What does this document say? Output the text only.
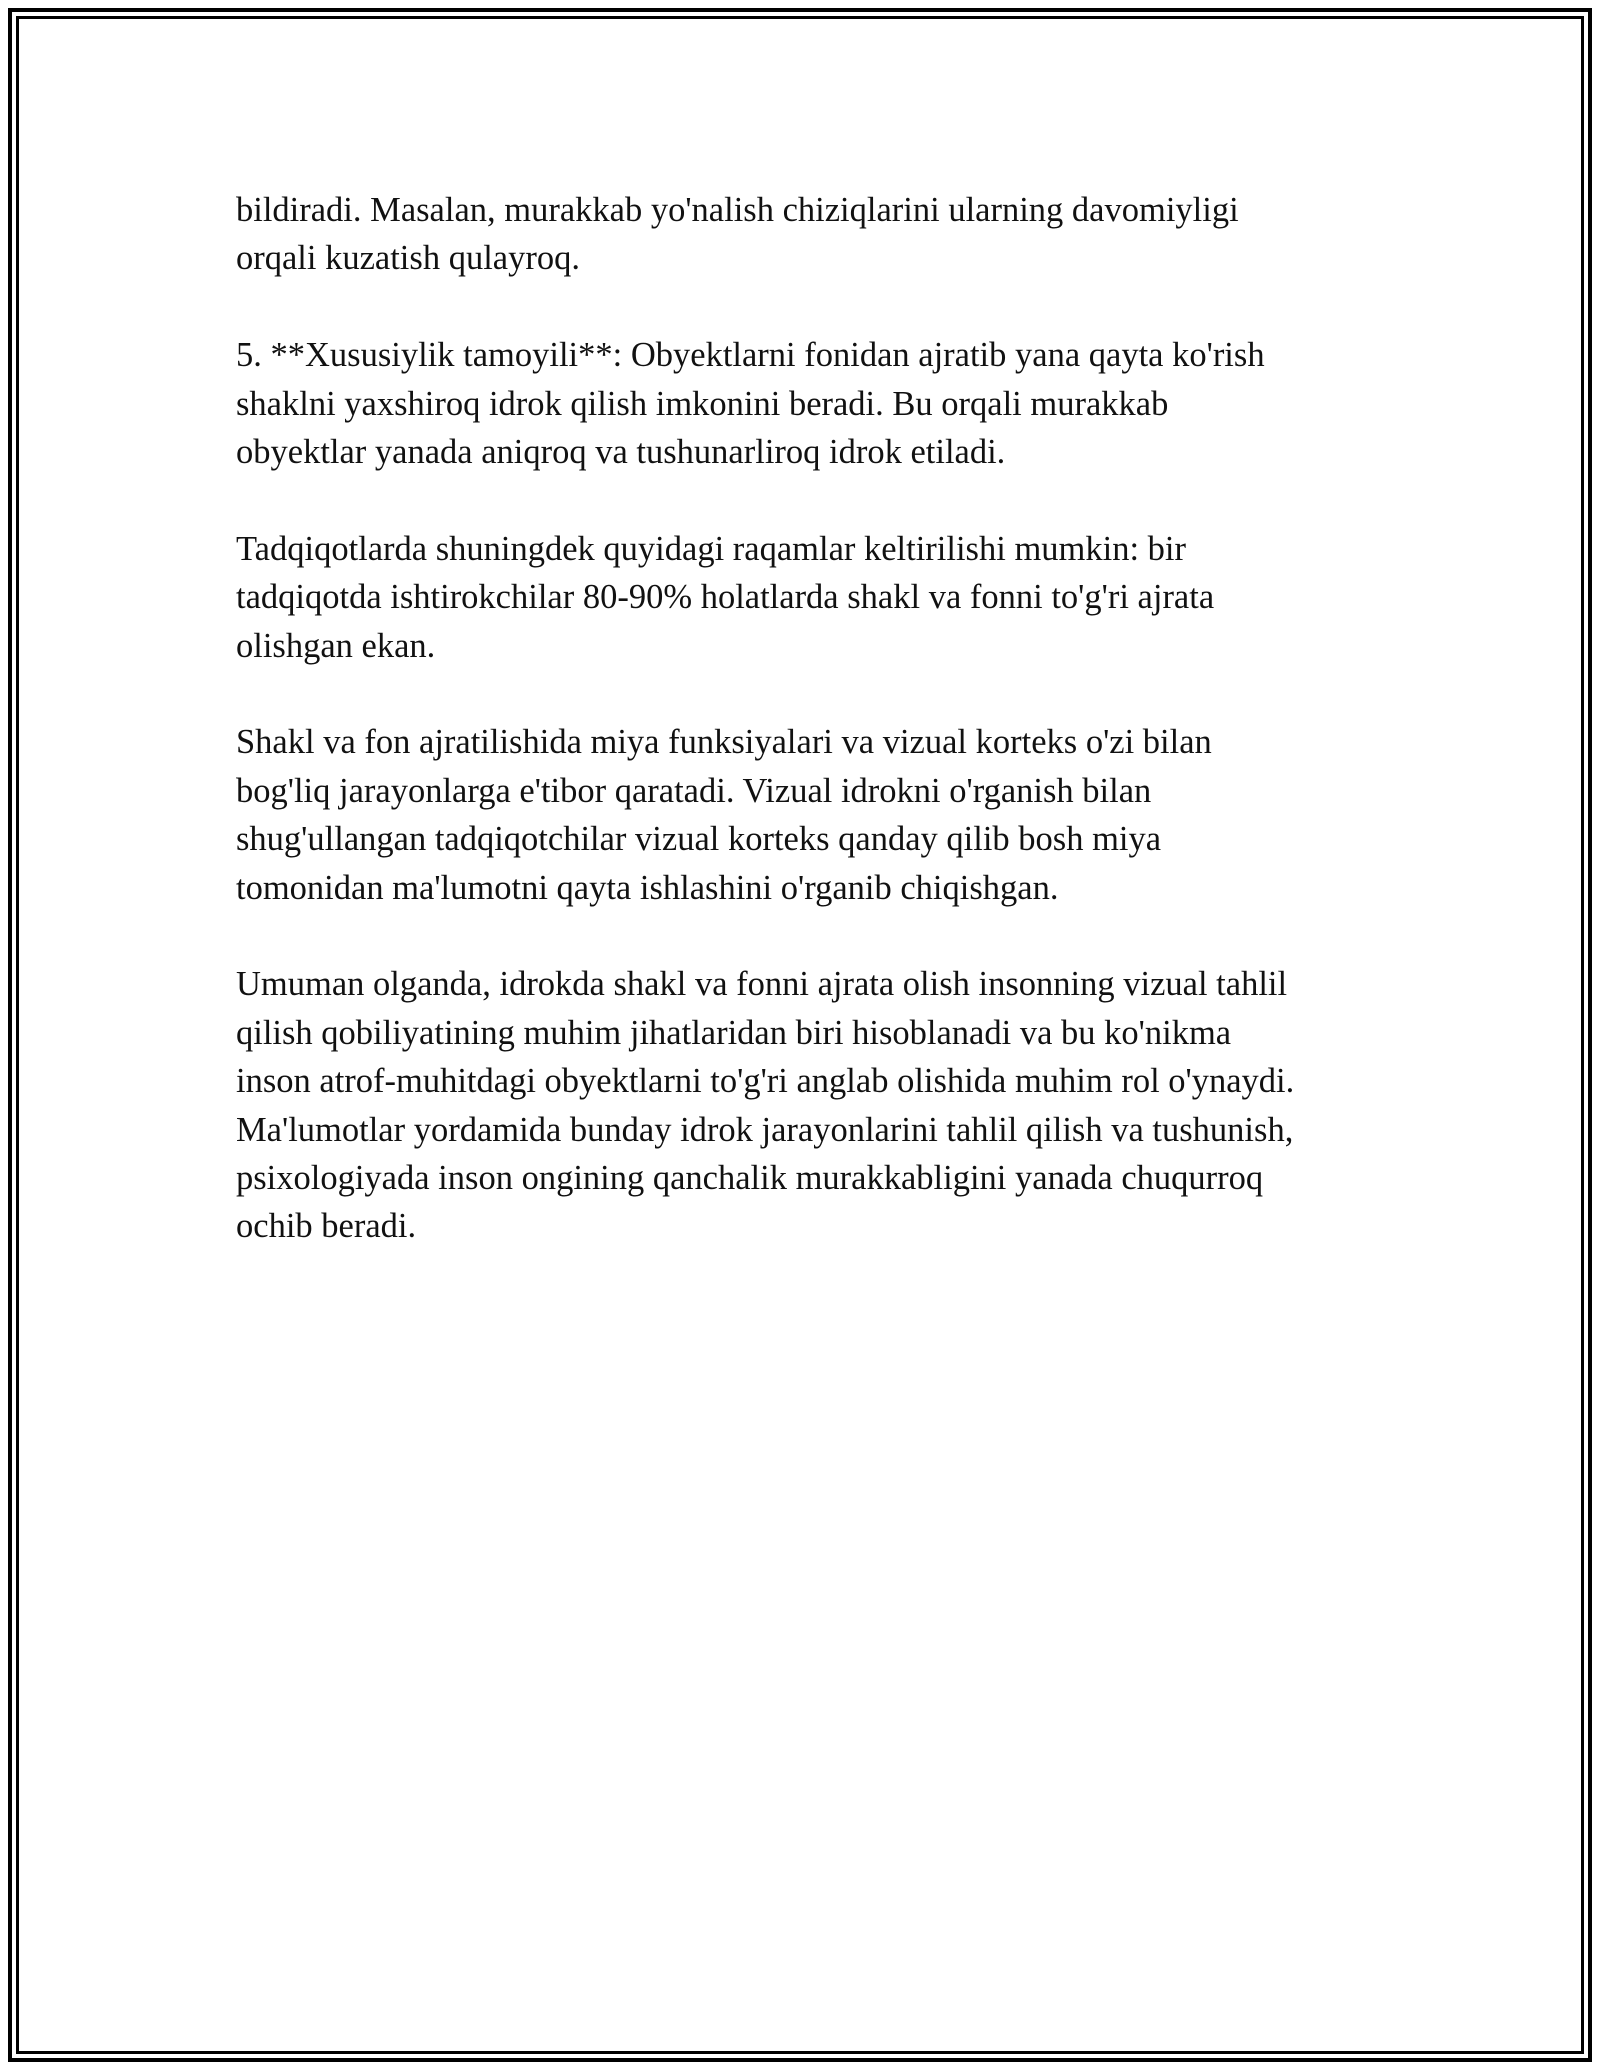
bildiradi. Masalan, murakkab yo'nalish chiziqlarini ularning davomiyligi
orqali kuzatish qulayroq.

5. **Xususiylik tamoyili**: Obyektlarni fonidan ajratib yana qayta ko'rish
shaklni yaxshiroq idrok qilish imkonini beradi. Bu orqali murakkab
obyektlar yanada aniqroq va tushunarliroq idrok etiladi.

Tadqiqotlarda shuningdek quyidagi raqamlar keltirilishi mumkin: bir
tadqiqotda ishtirokchilar 80-90% holatlarda shakl va fonni to'g'ri ajrata
olishgan ekan.

Shakl va fon ajratilishida miya funksiyalari va vizual korteks o'zi bilan
bog'liq jarayonlarga e'tibor qaratadi. Vizual idrokni o'rganish bilan
shug'ullangan tadqiqotchilar vizual korteks qanday qilib bosh miya
tomonidan ma'lumotni qayta ishlashini o'rganib chiqishgan.

Umuman olganda, idrokda shakl va fonni ajrata olish insonning vizual tahlil
qilish qobiliyatining muhim jihatlaridan biri hisoblanadi va bu ko'nikma
inson atrof-muhitdagi obyektlarni to'g'ri anglab olishida muhim rol o'ynaydi.
Ma'lumotlar yordamida bunday idrok jarayonlarini tahlil qilish va tushunish,
psixologiyada inson ongining qanchalik murakkabligini yanada chuqurroq
ochib beradi.
